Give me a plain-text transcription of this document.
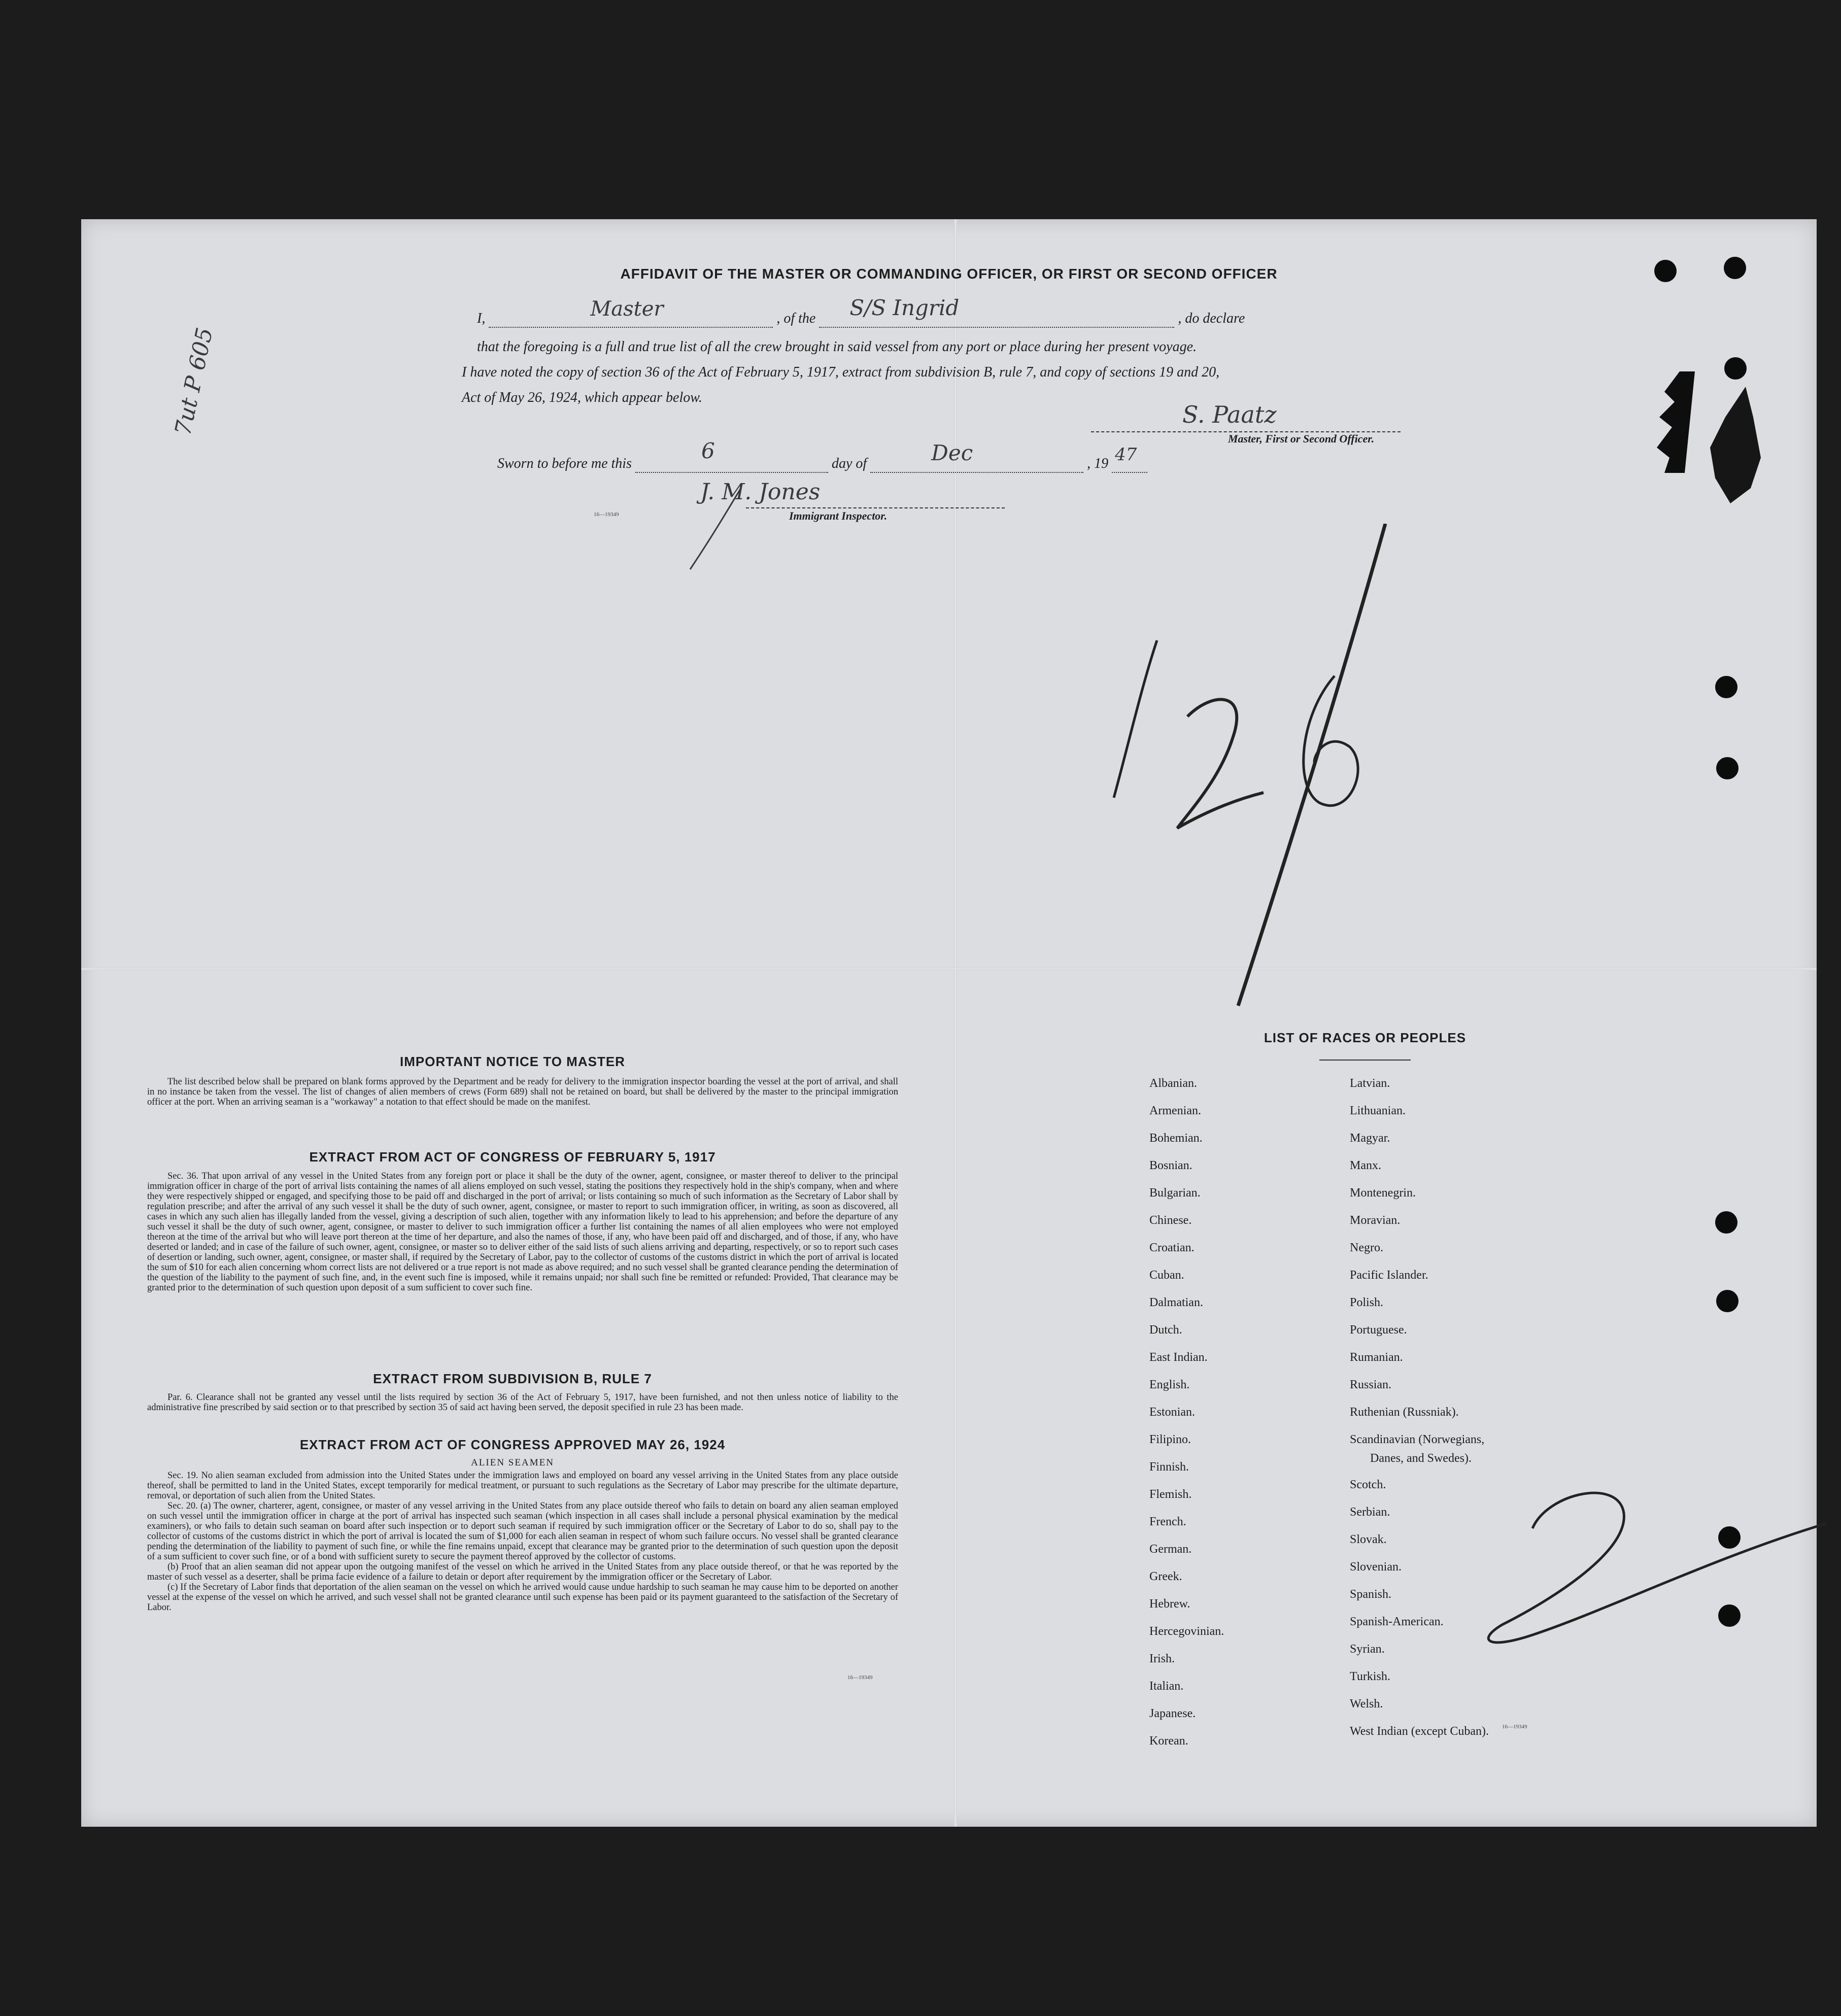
AFFIDAVIT OF THE MASTER OR COMMANDING OFFICER, OR FIRST OR SECOND OFFICER
I,	Master	, of the S/S Ingrid	, do declare
that the foregoing is a full and true list of all the crew brought in said vessel from any port or place during her present voyage.
I have noted the copy of section 36 of the Act of February 5, 1917, extract from subdivision B, rule 7, and copy of sections 19 and 20,
Act of May 26, 1924, which appear below.
S. Paatz
Master, First or Second Officer.
Sworn to before me this
6
day of	Dec	, 19 47

J. M. Jones
16—19349	Immigrant Inspector.
7ut P 605
IMPORTANT NOTICE TO MASTER

The list described below shall be prepared on blank forms approved by the Department and be ready for delivery to the immigration inspector boarding the vessel at the port of arrival, and shall in no instance be taken from the vessel. The list of changes of alien members of crews (Form 689) shall not be retained on board, but shall be delivered by the master to the principal immigration officer at the port. When an arriving seaman is a "workaway" a notation to that effect should be made on the manifest.

EXTRACT FROM ACT OF CONGRESS OF FEBRUARY 5, 1917

Sec. 36. That upon arrival of any vessel in the United States from any foreign port or place it shall be the duty of the owner, agent, consignee, or master thereof to deliver to the principal immigration officer in charge of the port of arrival lists containing the names of all aliens employed on such vessel, stating the positions they respectively hold in the ship's company, when and where they were respectively shipped or engaged, and specifying those to be paid off and discharged in the port of arrival; or lists containing so much of such information as the Secretary of Labor shall by regulation prescribe; and after the arrival of any such vessel it shall be the duty of such owner, agent, consignee, or master to report to such immigration officer, in writing, as soon as discovered, all cases in which any such alien has illegally landed from the vessel, giving a description of such alien, together with any information likely to lead to his apprehension; and before the departure of any such vessel it shall be the duty of such owner, agent, consignee, or master to deliver to such immigration officer a further list containing the names of all alien employees who were not employed thereon at the time of the arrival but who will leave port thereon at the time of her departure, and also the names of those, if any, who have been paid off and discharged, and of those, if any, who have deserted or landed; and in case of the failure of such owner, agent, consignee, or master so to deliver either of the said lists of such aliens arriving and departing, respectively, or so to report such cases of desertion or landing, such owner, agent, consignee, or master shall, if required by the Secretary of Labor, pay to the collector of customs of the customs district in which the port of arrival is located the sum of $10 for each alien concerning whom correct lists are not delivered or a true report is not made as above required; and no such vessel shall be granted clearance pending the determination of the question of the liability to the payment of such fine, and, in the event such fine is imposed, while it remains unpaid; nor shall such fine be remitted or refunded: Provided, That clearance may be granted prior to the determination of such question upon deposit of a sum sufficient to cover such fine.

EXTRACT FROM SUBDIVISION B, RULE 7

Par. 6. Clearance shall not be granted any vessel until the lists required by section 36 of the Act of February 5, 1917, have been furnished, and not then unless notice of liability to the administrative fine prescribed by said section or to that prescribed by section 35 of said act having been served, the deposit specified in rule 23 has been made.

EXTRACT FROM ACT OF CONGRESS APPROVED MAY 26, 1924
ALIEN SEAMEN

Sec. 19. No alien seaman excluded from admission into the United States under the immigration laws and employed on board any vessel arriving in the United States from any place outside thereof, shall be permitted to land in the United States, except temporarily for medical treatment, or pursuant to such regulations as the Secretary of Labor may prescribe for the ultimate departure, removal, or deportation of such alien from the United States.

Sec. 20. (a) The owner, charterer, agent, consignee, or master of any vessel arriving in the United States from any place outside thereof who fails to detain on board any alien seaman employed on such vessel until the immigration officer in charge at the port of arrival has inspected such seaman (which inspection in all cases shall include a personal physical examination by the medical examiners), or who fails to detain such seaman on board after such inspection or to deport such seaman if required by such immigration officer or the Secretary of Labor to do so, shall pay to the collector of customs of the customs district in which the port of arrival is located the sum of $1,000 for each alien seaman in respect of whom such failure occurs. No vessel shall be granted clearance pending the determination of the liability to payment of such fine, or while the fine remains unpaid, except that clearance may be granted prior to the determination of such question upon the deposit of a sum sufficient to cover such fine, or of a bond with sufficient surety to secure the payment thereof approved by the collector of customs.

(b) Proof that an alien seaman did not appear upon the outgoing manifest of the vessel on which he arrived in the United States from any place outside thereof, or that he was reported by the master of such vessel as a deserter, shall be prima facie evidence of a failure to detain or deport after requirement by the immigration officer or the Secretary of Labor.

(c) If the Secretary of Labor finds that deportation of the alien seaman on the vessel on which he arrived would cause undue hardship to such seaman he may cause him to be deported on another vessel at the expense of the vessel on which he arrived, and such vessel shall not be granted clearance until such expense has been paid or its payment guaranteed to the satisfaction of the Secretary of Labor.

16—19349
LIST OF RACES OR PEOPLES
Albanian.
Armenian.
Bohemian.
Bosnian.
Bulgarian.
Chinese.
Croatian.
Cuban.
Dalmatian.
Dutch.
East Indian.
English.
Estonian.
Filipino.
Finnish.
Flemish.
French.
German.
Greek.
Hebrew.
Hercegovinian.
Irish.
Italian.
Japanese.
Korean.
Latvian.
Lithuanian.
Magyar.
Manx.
Montenegrin.
Moravian.
Negro.
Pacific Islander.
Polish.
Portuguese.
Rumanian.
Russian.
Ruthenian (Russniak).
Scandinavian (Norwegians,
Danes, and Swedes).
Scotch.
Serbian.
Slovak.
Slovenian.
Spanish.
Spanish-American.
Syrian.
Turkish.
Welsh.
West Indian (except Cuban). 16—19349
